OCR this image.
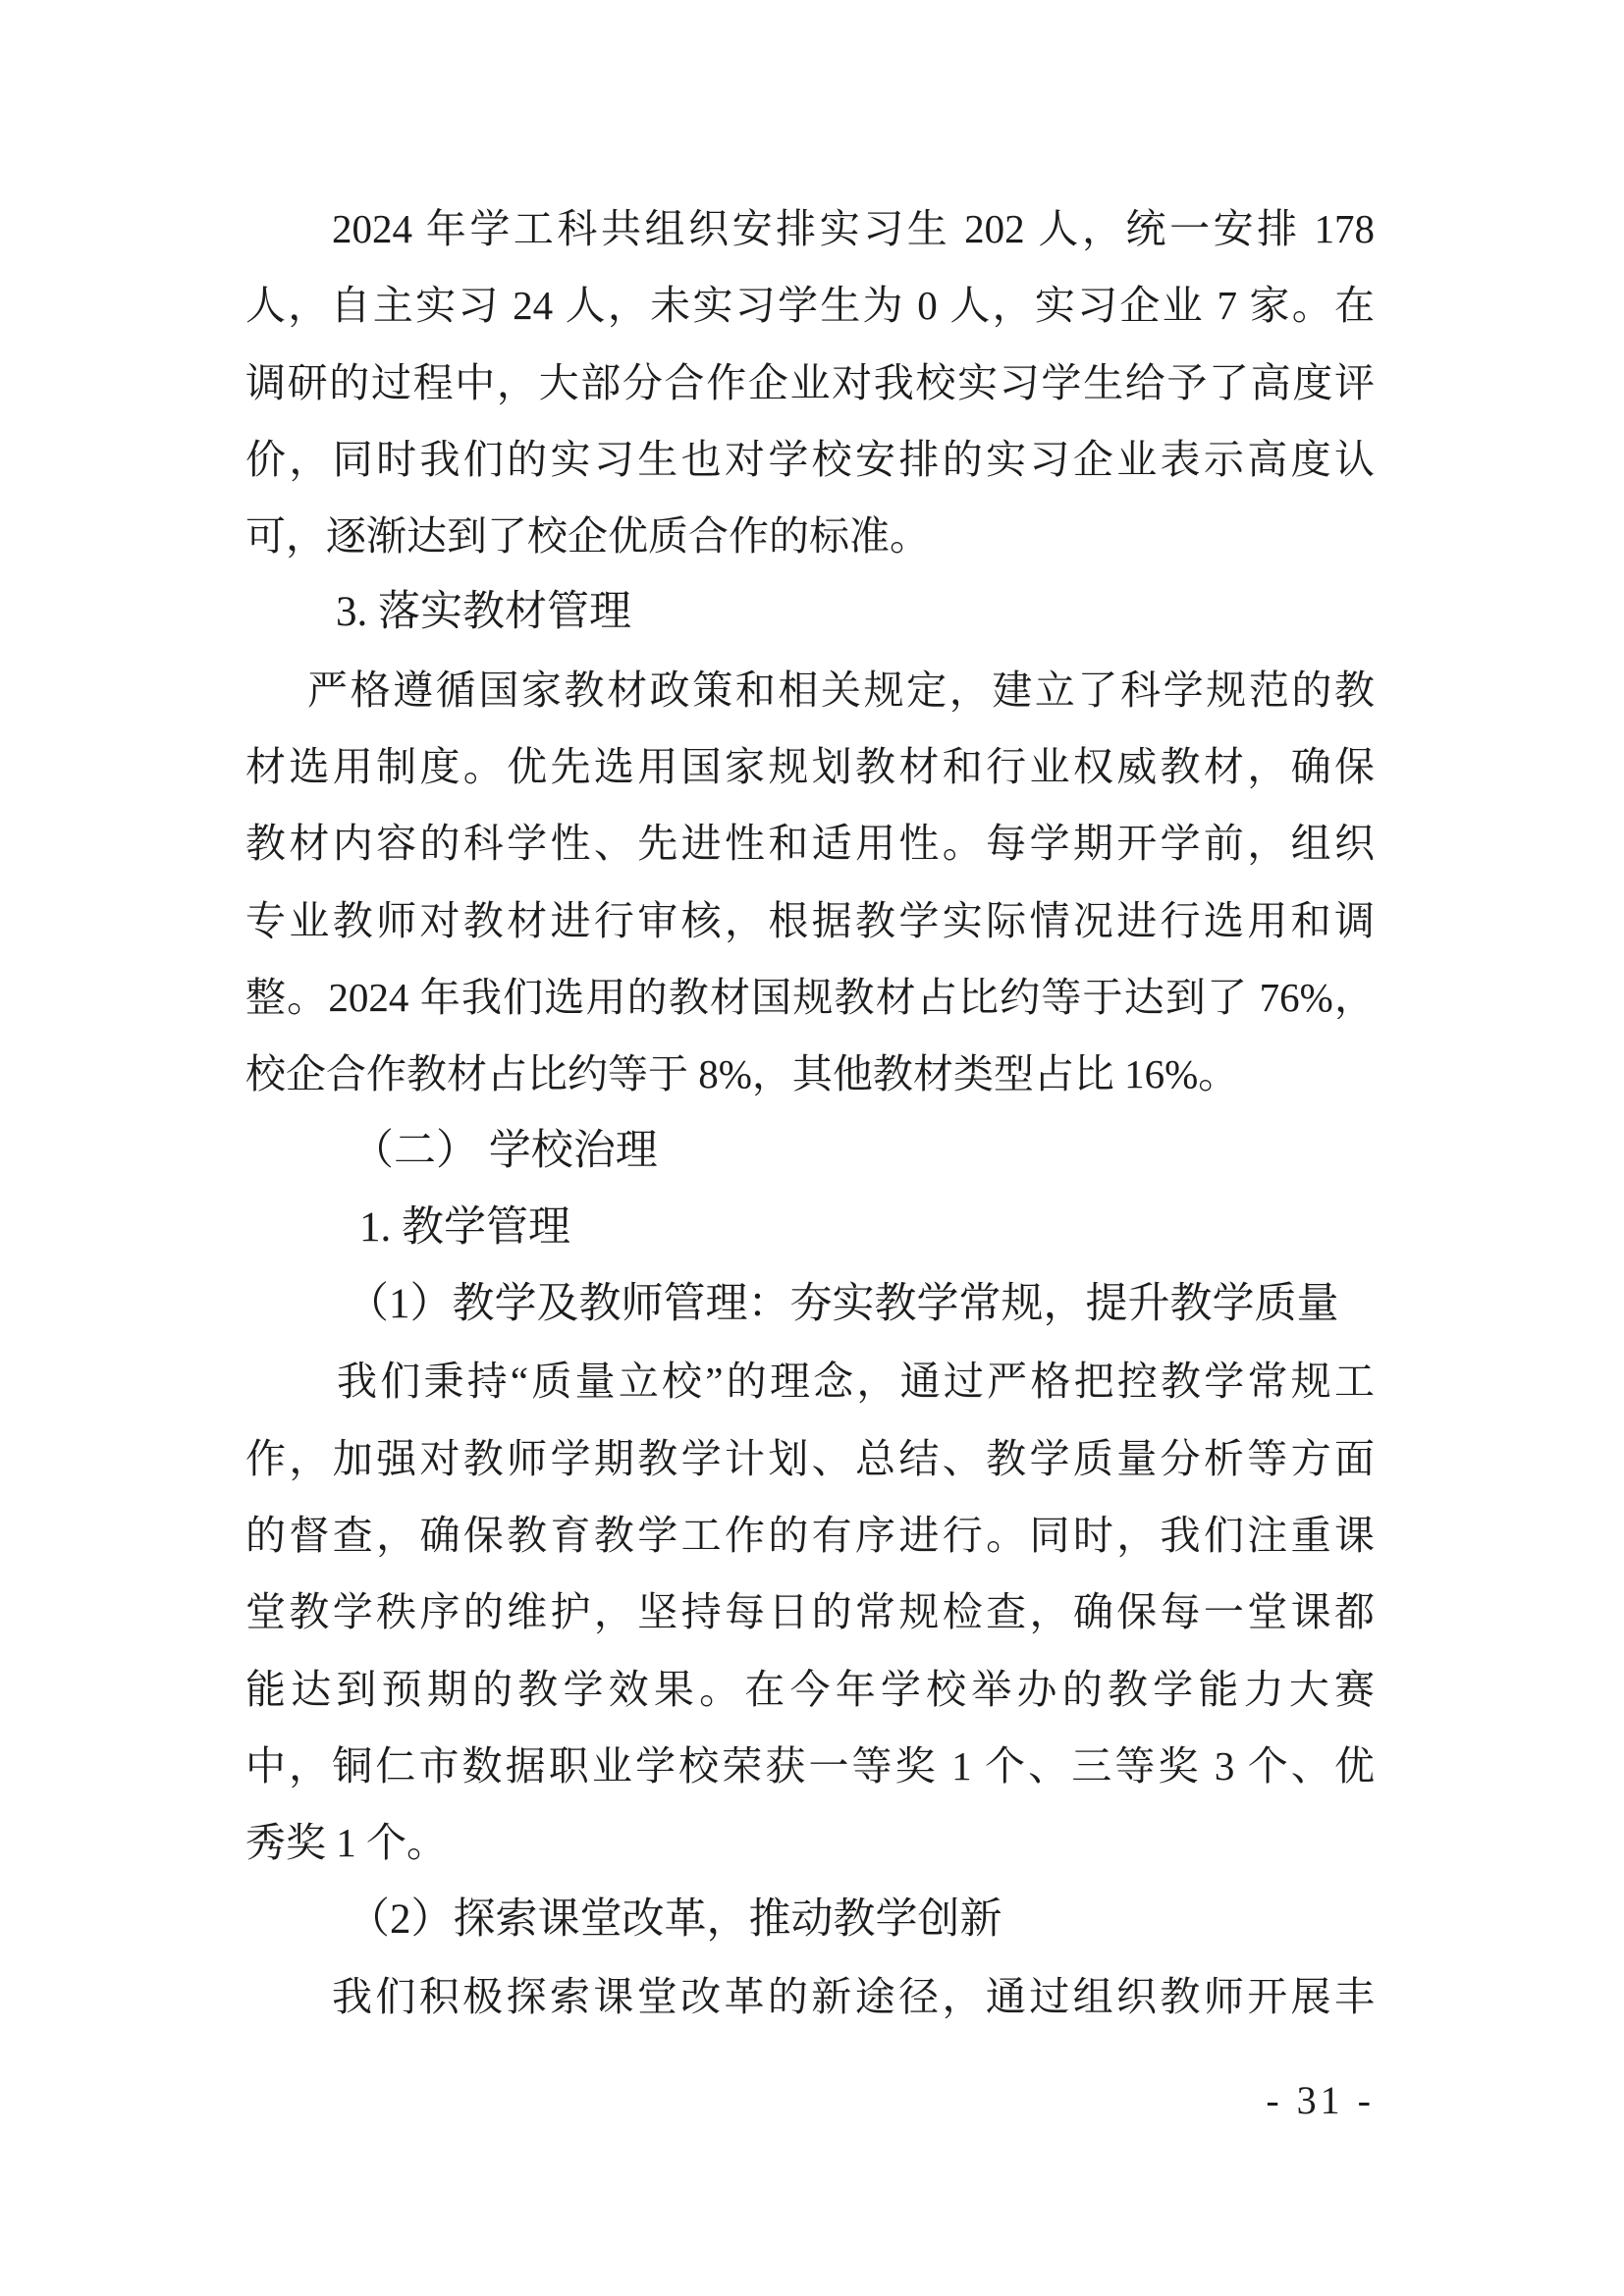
2024 年学工科共组织安排实习生 202 人，统一安排 178
人，自主实习 24 人，未实习学生为 0 人，实习企业 7 家。在
调研的过程中，大部分合作企业对我校实习学生给予了高度评
价，同时我们的实习生也对学校安排的实习企业表示高度认
可，逐渐达到了校企优质合作的标准。
3. 落实教材管理
严格遵循国家教材政策和相关规定，建立了科学规范的教
材选用制度。优先选用国家规划教材和行业权威教材，确保
教材内容的科学性、先进性和适用性。每学期开学前，组织
专业教师对教材进行审核，根据教学实际情况进行选用和调
整。2024 年我们选用的教材国规教材占比约等于达到了 76%，
校企合作教材占比约等于 8%，其他教材类型占比 16%。
（二） 学校治理
1. 教学管理
（1）教学及教师管理：夯实教学常规，提升教学质量
我们秉持“质量立校”的理念，通过严格把控教学常规工
作，加强对教师学期教学计划、总结、教学质量分析等方面
的督查，确保教育教学工作的有序进行。同时，我们注重课
堂教学秩序的维护，坚持每日的常规检查，确保每一堂课都
能达到预期的教学效果。在今年学校举办的教学能力大赛
中，铜仁市数据职业学校荣获一等奖 1 个、三等奖 3 个、优
秀奖 1 个。
（2）探索课堂改革，推动教学创新
我们积极探索课堂改革的新途径，通过组织教师开展丰
- 31 -
